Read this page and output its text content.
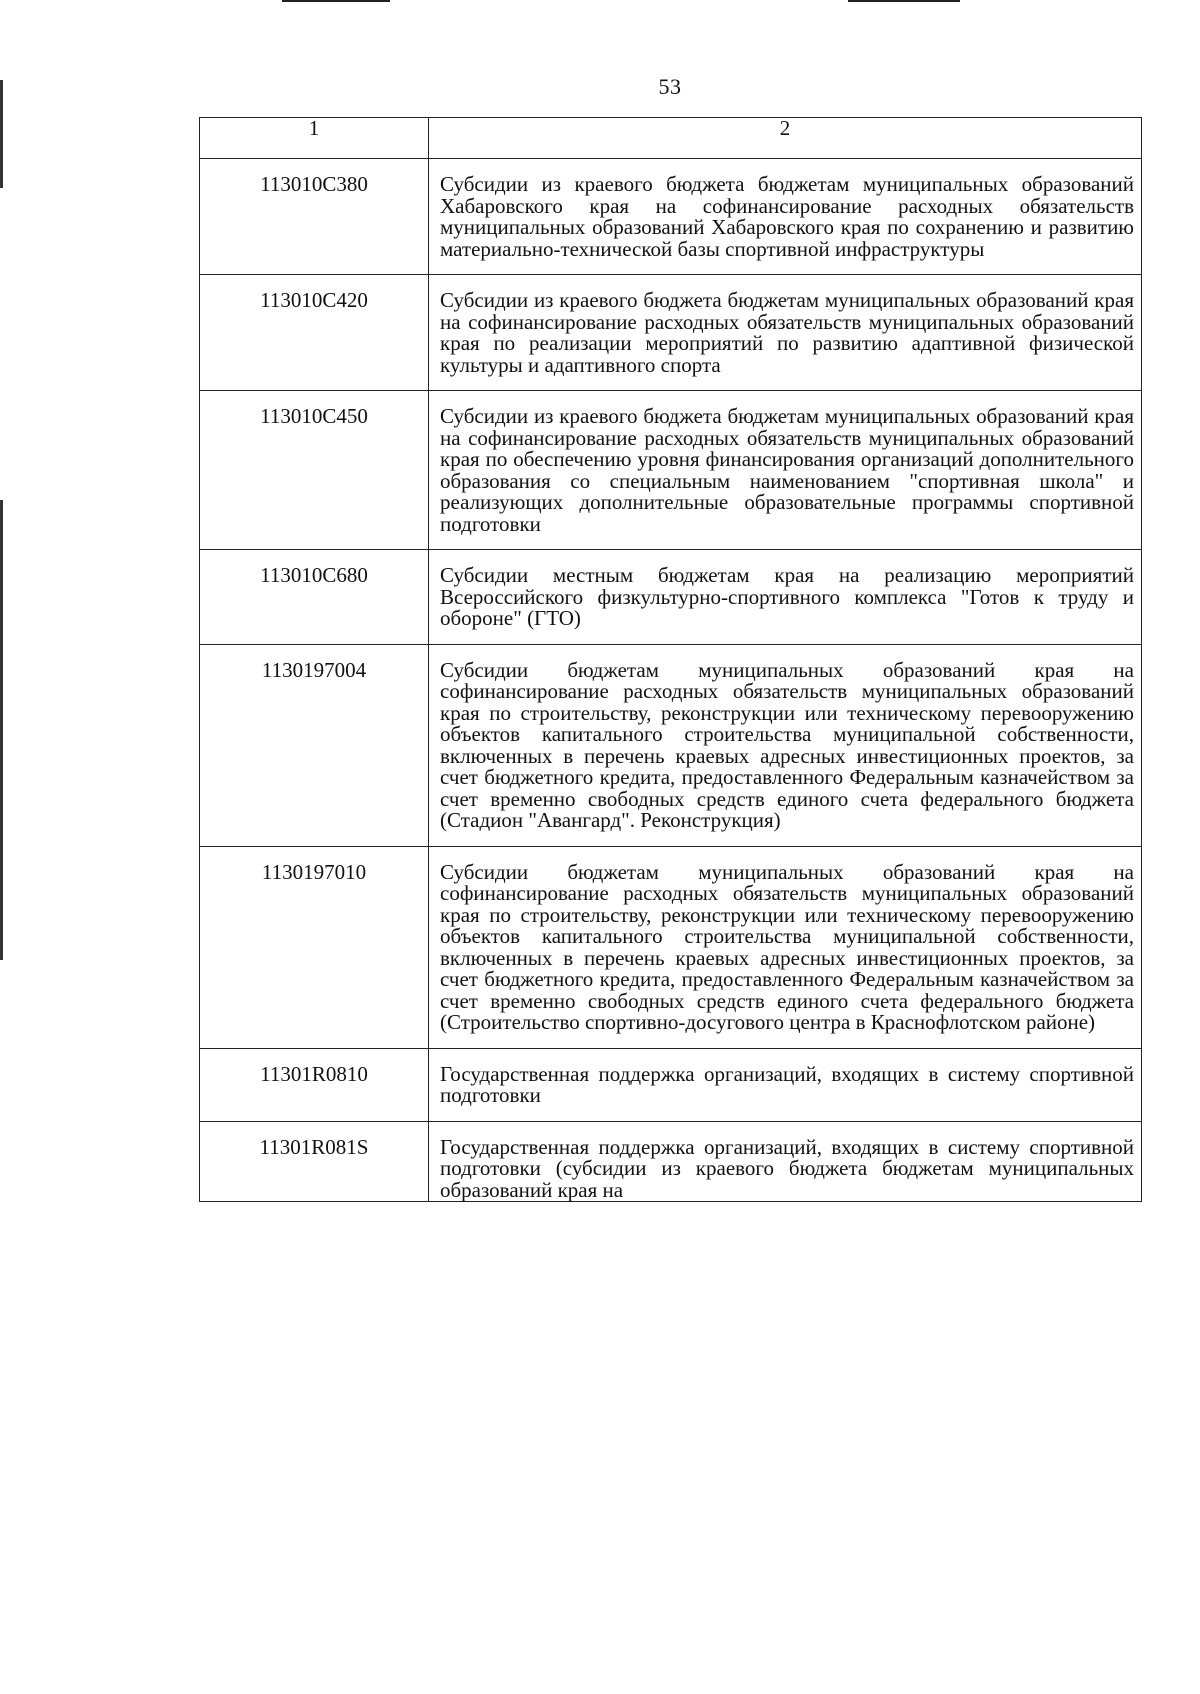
53
1	2
113010С380	Субсидии из краевого бюджета бюджетам муниципальных образований Хабаровского края на софинансирование расходных обязательств муниципальных образований Хабаровского края по сохранению и развитию материально-технической базы спортивной инфраструктуры
113010С420	Субсидии из краевого бюджета бюджетам муниципальных образований края на софинансирование расходных обязательств муниципальных образований края по реализации мероприятий по развитию адаптивной физической культуры и адаптивного спорта
113010С450	Субсидии из краевого бюджета бюджетам муниципальных образований края на софинансирование расходных обязательств муниципальных образований края по обеспечению уровня финансирования организаций дополнительного образования со специальным наименованием "спортивная школа" и реализующих дополнительные образовательные программы спортивной подготовки
113010С680	Субсидии местным бюджетам края на реализацию мероприятий Всероссийского физкультурно-спортивного комплекса "Готов к труду и обороне" (ГТО)
1130197004	Субсидии бюджетам муниципальных образований края на софинансирование расходных обязательств муниципальных образований края по строительству, реконструкции или техническому перевооружению объектов капитального строительства муниципальной собственности, включенных в перечень краевых адресных инвестиционных проектов, за счет бюджетного кредита, предоставленного Федеральным казначейством за счет временно свободных средств единого счета федерального бюджета (Стадион "Авангард". Реконструкция)
1130197010	Субсидии бюджетам муниципальных образований края на софинансирование расходных обязательств муниципальных образований края по строительству, реконструкции или техническому перевооружению объектов капитального строительства муниципальной собственности, включенных в перечень краевых адресных инвестиционных проектов, за счет бюджетного кредита, предоставленного Федеральным казначейством за счет временно свободных средств единого счета федерального бюджета (Строительство спортивно-досугового центра в Краснофлотском районе)
11301R0810	Государственная поддержка организаций, входящих в систему спортивной подготовки
11301R081S	Государственная поддержка организаций, входящих в систему спортивной подготовки (субсидии из краевого бюджета бюджетам муниципальных образований края на
